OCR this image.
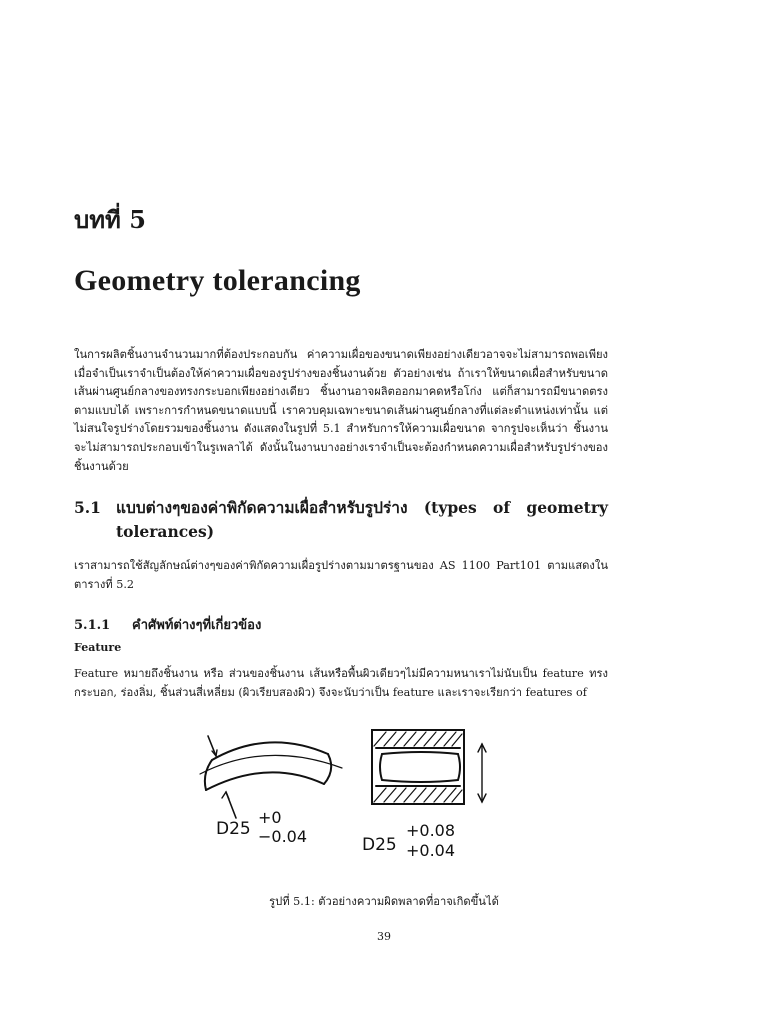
บทที่ 5
Geometry tolerancing

ในการผลิตชิ้นงานจำนวนมากที่ต้องประกอบกัน ค่าความเผื่อของขนาดเพียงอย่างเดียวอาจจะไม่สามารถพอเพียง เมื่อจำเป็นเราจำเป็นต้องให้ค่าความเผื่อของรูปร่างของชิ้นงานด้วย ตัวอย่างเช่น ถ้าเราให้ขนาดเผื่อสำหรับขนาดเส้นผ่านศูนย์กลางของทรงกระบอกเพียงอย่างเดียว ชิ้นงานอาจผลิตออกมาคดหรือโก่ง แต่ก็สามารถมีขนาดตรงตามแบบได้ เพราะการกำหนดขนาดแบบนี้ เราควบคุมเฉพาะขนาดเส้นผ่านศูนย์กลางที่แต่ละตำแหน่งเท่านั้น แต่ไม่สนใจรูปร่างโดยรวมของชิ้นงาน ดังแสดงในรูปที่ 5.1 สำหรับการให้ความเผื่อขนาด จากรูปจะเห็นว่า ชิ้นงานจะไม่สามารถประกอบเข้าในรูเพลาได้ ดังนั้นในงานบางอย่างเราจำเป็นจะต้องกำหนดความเผื่อสำหรับรูปร่างของชิ้นงานด้วย

5.1 แบบต่างๆของค่าพิกัดความเผื่อสำหรับรูปร่าง (types of geometry tolerances)

เราสามารถใช้สัญลักษณ์ต่างๆของค่าพิกัดความเผื่อรูปร่างตามมาตรฐานของ AS 1100 Part101 ตามแสดงในตารางที่ 5.2

5.1.1 คำศัพท์ต่างๆที่เกี่ยวข้อง
Feature

Feature หมายถึงชิ้นงาน หรือ ส่วนของชิ้นงาน เส้นหรือพื้นผิวเดียวๆไม่มีความหนาเราไม่นับเป็น feature ทรงกระบอก, ร่องลิ่ม, ชิ้นส่วนสี่เหลี่ยม (ผิวเรียบสองผิว) จึงจะนับว่าเป็น feature และเราจะเรียกว่า features of

D25
+0
−0.04	D25
+0.08
+0.04
รูปที่ 5.1: ตัวอย่างความผิดพลาดที่อาจเกิดขึ้นได้
39
